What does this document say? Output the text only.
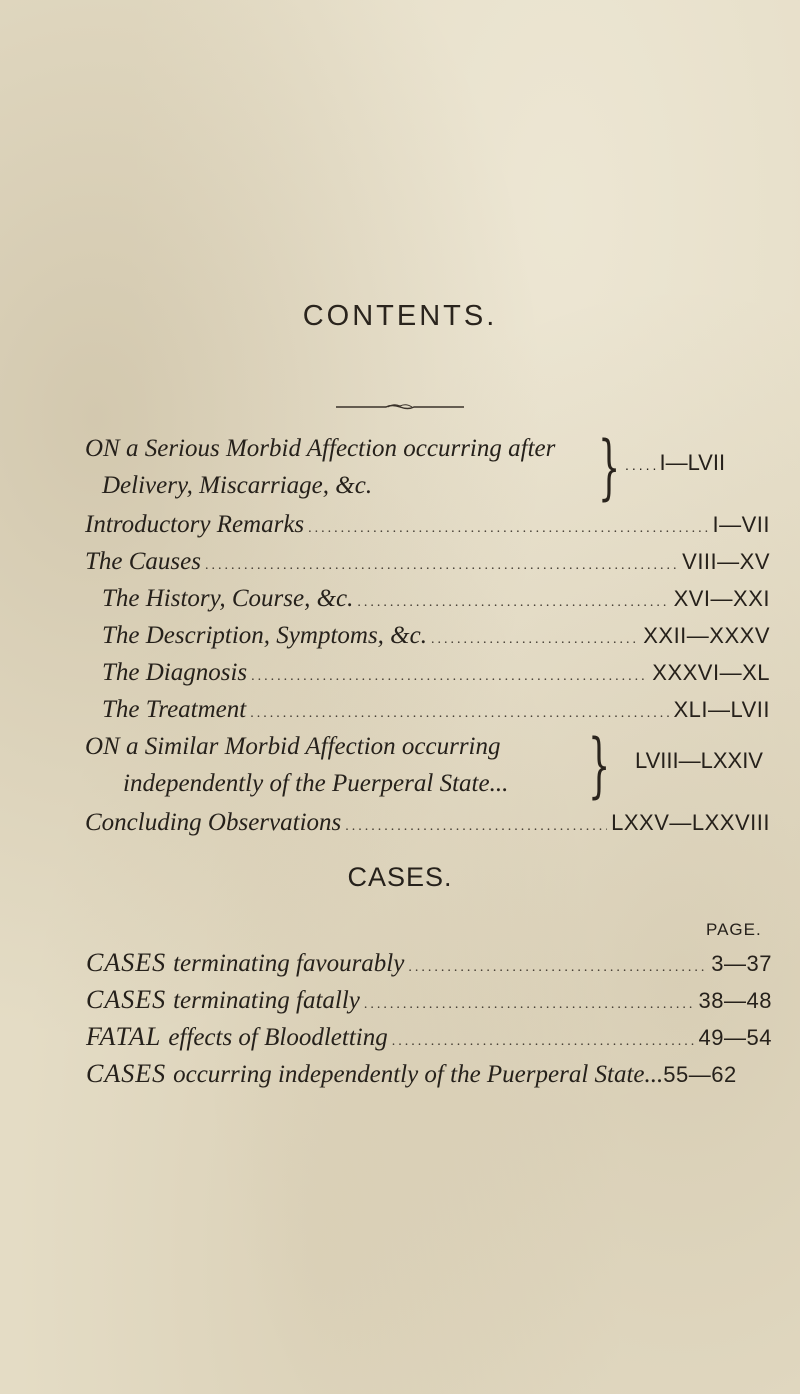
CONTENTS.
ON a Serious Morbid Affection occurring after
Delivery, Miscarriage, &c.	} .....I—LVII
Introductory Remarks .....	I—VII
The Causes .....	VIII—XV
The History, Course, &c. .....	XVI—XXI
The Description, Symptoms, &c. .....	XXII—XXXV
The Diagnosis .....	XXXVI—XL
The Treatment .....	XLI—LVII
ON a Similar Morbid Affection occurring
independently of the Puerperal State...	} LVIII—LXXIV
Concluding Observations .....	LXXV—LXXVIII
CASES.
PAGE.
CASES terminating favourably .....	3—37
CASES terminating fatally .....	38—48
FATAL effects of Bloodletting .....	49—54
CASES occurring independently of the Puerperal State... 55—62
